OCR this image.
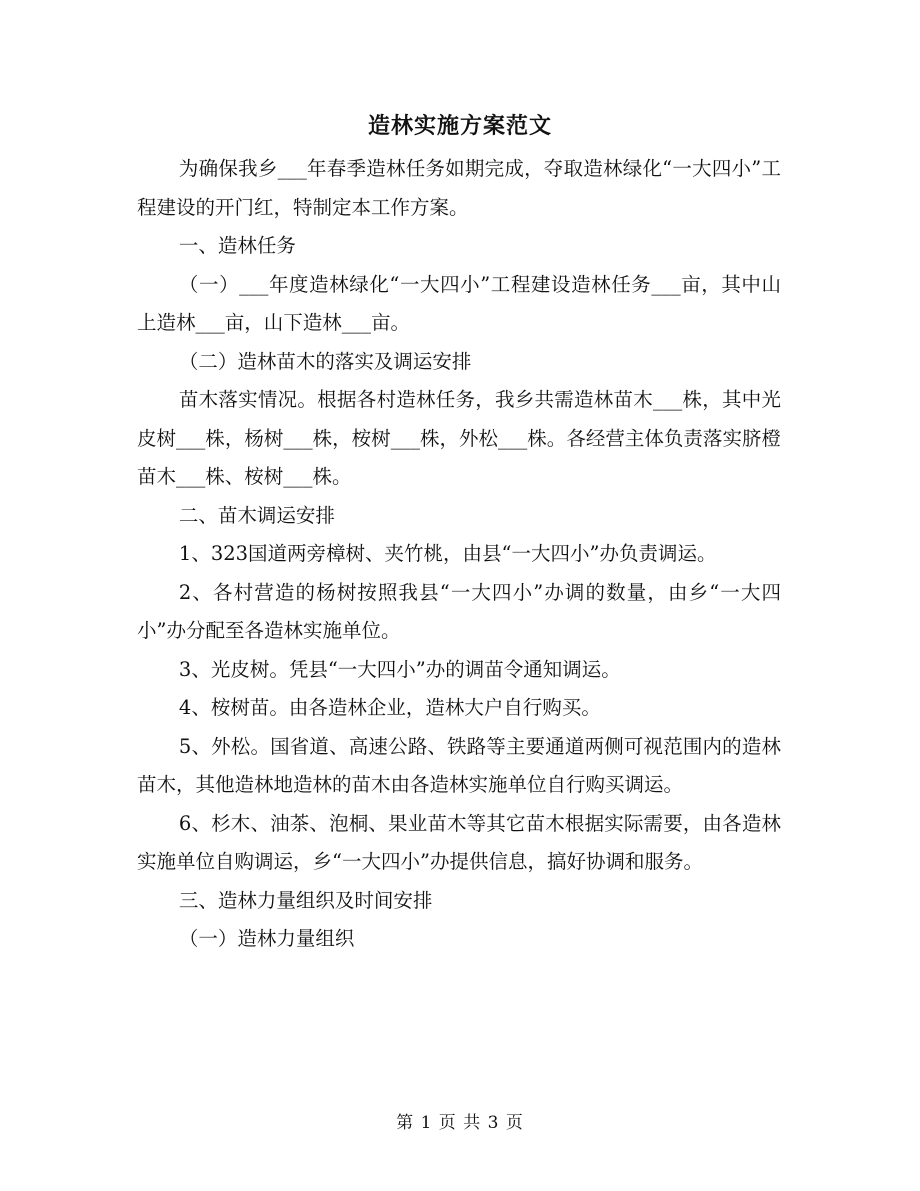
造林实施方案范文

为确保我乡___年春季造林任务如期完成，夺取造林绿化“一大四小”工程建设的开门红，特制定本工作方案。

一、造林任务

（一）___年度造林绿化“一大四小”工程建设造林任务___亩，其中山上造林___亩，山下造林___亩。

（二）造林苗木的落实及调运安排

苗木落实情况。根据各村造林任务，我乡共需造林苗木___株，其中光皮树___株，杨树___株，桉树___株，外松___株。各经营主体负责落实脐橙苗木___株、桉树___株。

二、苗木调运安排

1、323国道两旁樟树、夹竹桃，由县“一大四小”办负责调运。

2、各村营造的杨树按照我县“一大四小”办调的数量，由乡“一大四小”办分配至各造林实施单位。

3、光皮树。凭县“一大四小”办的调苗令通知调运。

4、桉树苗。由各造林企业，造林大户自行购买。

5、外松。国省道、高速公路、铁路等主要通道两侧可视范围内的造林苗木，其他造林地造林的苗木由各造林实施单位自行购买调运。

6、杉木、油茶、泡桐、果业苗木等其它苗木根据实际需要，由各造林实施单位自购调运，乡“一大四小”办提供信息，搞好协调和服务。

三、造林力量组织及时间安排

（一）造林力量组织

第 1 页 共 3 页
